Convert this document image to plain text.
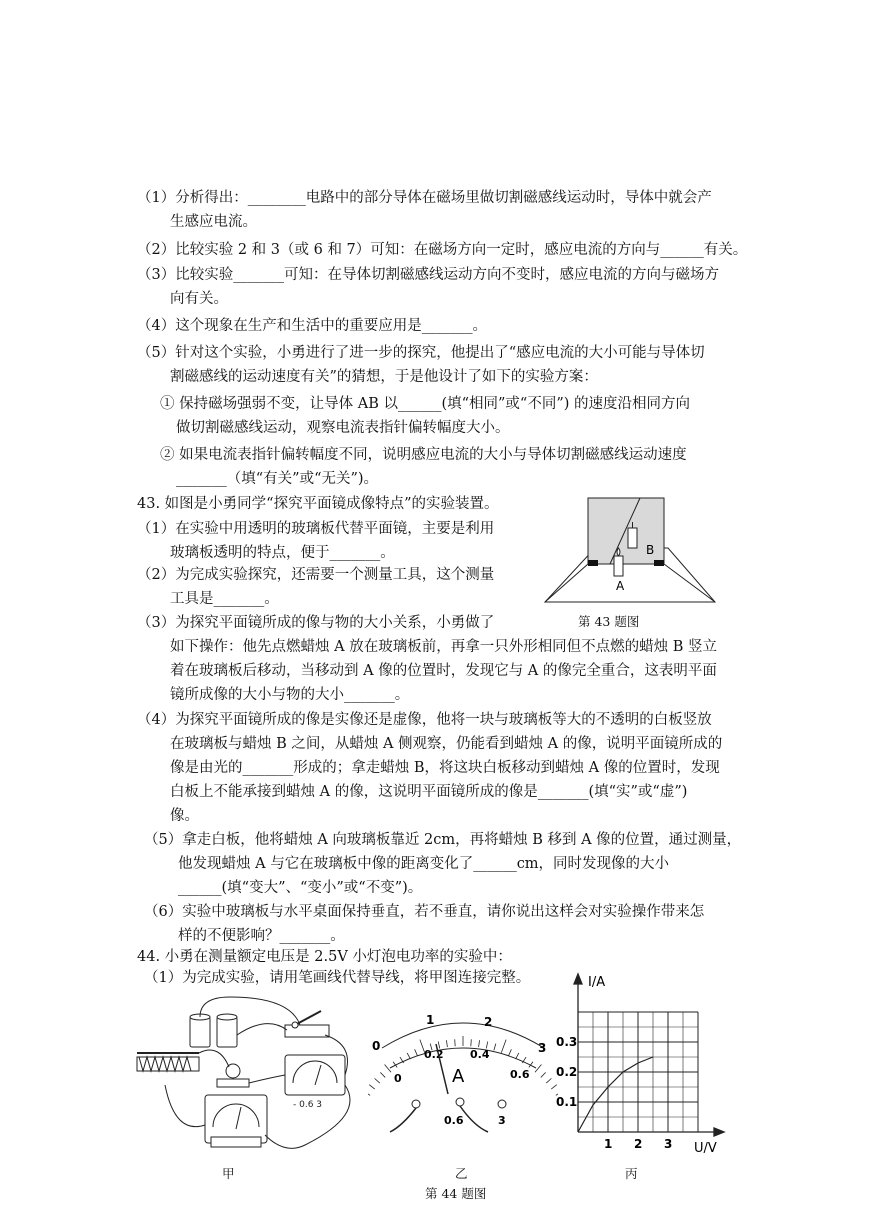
（1）分析得出：________电路中的部分导体在磁场里做切割磁感线运动时，导体中就会产
生感应电流。
（2）比较实验 2 和 3（或 6 和 7）可知：在磁场方向一定时，感应电流的方向与______有关。
（3）比较实验_______可知：在导体切割磁感线运动方向不变时，感应电流的方向与磁场方
向有关。
（4）这个现象在生产和生活中的重要应用是_______。
（5）针对这个实验，小勇进行了进一步的探究，他提出了“感应电流的大小可能与导体切
割磁感线的运动速度有关”的猜想，于是他设计了如下的实验方案：
① 保持磁场强弱不变，让导体 AB 以______(填“相同”或“不同”) 的速度沿相同方向
做切割磁感线运动，观察电流表指针偏转幅度大小。
② 如果电流表指针偏转幅度不同，说明感应电流的大小与导体切割磁感线运动速度
_______（填“有关”或“无关”)。
43. 如图是小勇同学“探究平面镜成像特点”的实验装置。
（1）在实验中用透明的玻璃板代替平面镜，主要是利用
玻璃板透明的特点，便于_______。
（2）为完成实验探究，还需要一个测量工具，这个测量
工具是_______。
（3）为探究平面镜所成的像与物的大小关系，小勇做了
如下操作：他先点燃蜡烛 A 放在玻璃板前，再拿一只外形相同但不点燃的蜡烛 B 竖立
着在玻璃板后移动，当移动到 A 像的位置时，发现它与 A 的像完全重合，这表明平面
镜所成像的大小与物的大小_______。
（4）为探究平面镜所成的像是实像还是虚像，他将一块与玻璃板等大的不透明的白板竖放
在玻璃板与蜡烛 B 之间，从蜡烛 A 侧观察，仍能看到蜡烛 A 的像，说明平面镜所成的
像是由光的_______形成的；拿走蜡烛 B，将这块白板移动到蜡烛 A 像的位置时，发现
白板上不能承接到蜡烛 A 的像，这说明平面镜所成的像是_______(填“实”或“虚”)
像。
（5）拿走白板，他将蜡烛 A 向玻璃板靠近 2cm，再将蜡烛 B 移到 A 像的位置，通过测量，
他发现蜡烛 A 与它在玻璃板中像的距离变化了______cm，同时发现像的大小
______(填“变大”、“变小”或“不变”)。
（6）实验中玻璃板与水平桌面保持垂直，若不垂直，请你说出这样会对实验操作带来怎
样的不便影响？_______。
B
A
第 43 题图
44. 小勇在测量额定电压是 2.5V 小灯泡电功率的实验中：
（1）为完成实验，请用笔画线代替导线，将甲图连接完整。
- 0.6 3
甲
0
1	2
3
0
0.2 0.4
0.6
A
0.6	3
乙
1 2 3
0.1
0.2
0.3
I/A
U/V
丙
第 44 题图
